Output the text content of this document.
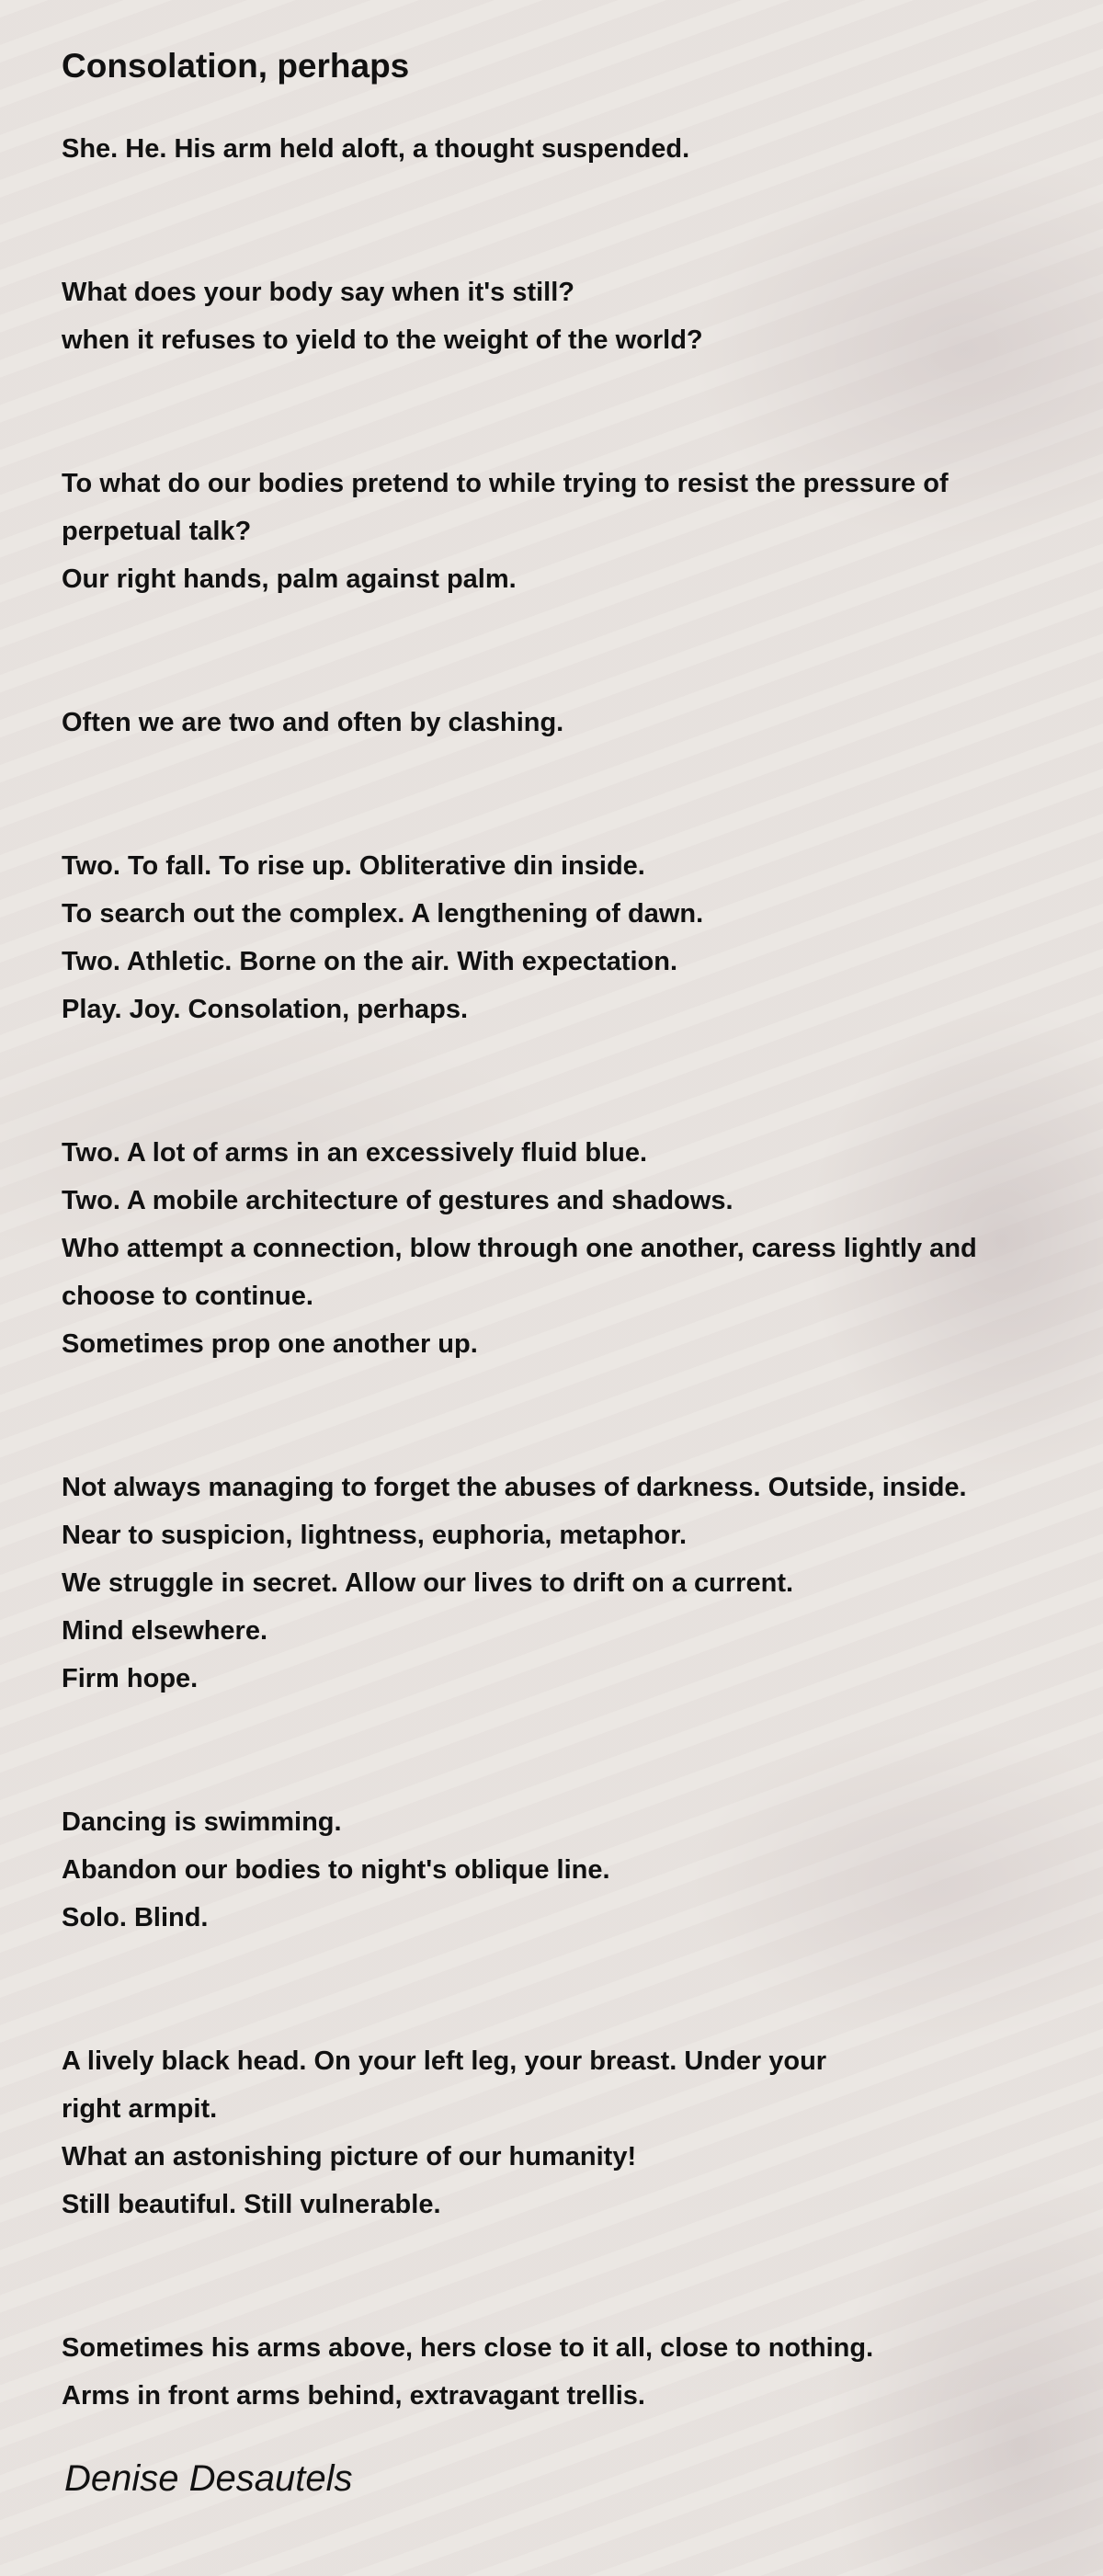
Consolation, perhaps
She. He. His arm held aloft, a thought suspended.
What does your body say when it's still?
when it refuses to yield to the weight of the world?
To what do our bodies pretend to while trying to resist the pressure of
perpetual talk?
Our right hands, palm against palm.
Often we are two and often by clashing.
Two. To fall. To rise up. Obliterative din inside.
To search out the complex. A lengthening of dawn.
Two. Athletic. Borne on the air. With expectation.
Play. Joy. Consolation, perhaps.
Two. A lot of arms in an excessively fluid blue.
Two. A mobile architecture of gestures and shadows.
Who attempt a connection, blow through one another, caress lightly and
choose to continue.
Sometimes prop one another up.
Not always managing to forget the abuses of darkness. Outside, inside.
Near to suspicion, lightness, euphoria, metaphor.
We struggle in secret. Allow our lives to drift on a current.
Mind elsewhere.
Firm hope.
Dancing is swimming.
Abandon our bodies to night's oblique line.
Solo. Blind.
A lively black head. On your left leg, your breast. Under your
right armpit.
What an astonishing picture of our humanity!
Still beautiful. Still vulnerable.
Sometimes his arms above, hers close to it all, close to nothing.
Arms in front arms behind, extravagant trellis.
Denise Desautels
